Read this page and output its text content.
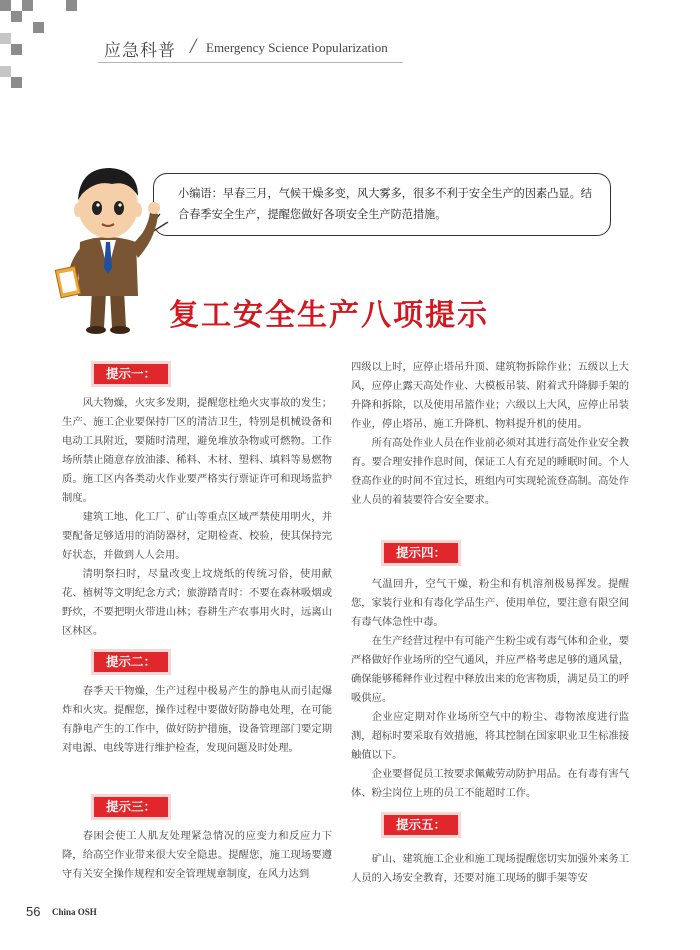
应急科普 / Emergency Science Popularization
小编语：早春三月，气候干燥多变，风大雾多，很多不利于安全生产的因素凸显。结合春季安全生产，提醒您做好各项安全生产防范措施。
复工安全生产八项提示
提示一：

风大物燥，火灾多发期，提醒您杜绝火灾事故的发生；生产、施工企业要保持厂区的清洁卫生，特别是机械设备和电动工具附近，要随时清理，避免堆放杂物或可燃物。工作场所禁止随意存放油漆、稀料、木材、塑料、填料等易燃物质。施工区内各类动火作业要严格实行票证许可和现场监护制度。

建筑工地、化工厂、矿山等重点区域严禁使用明火，并要配备足够适用的消防器材，定期检查、校验，使其保持完好状态，并做到人人会用。

清明祭扫时，尽量改变上坟烧纸的传统习俗，使用献花、植树等文明纪念方式；旅游踏青时：不要在森林吸烟或野炊，不要把明火带进山林；春耕生产农事用火时，远离山区林区。

提示二：

春季天干物燥，生产过程中极易产生的静电从而引起爆炸和火灾。提醒您，操作过程中要做好防静电处理，在可能有静电产生的工作中，做好防护措施，设备管理部门要定期对电源、电线等进行维护检查，发现问题及时处理。

提示三：

春困会使工人肌友处理紧急情况的应变力和反应力下降，给高空作业带来很大安全隐患。提醒您，施工现场要遵守有关安全操作规程和安全管理规章制度，在风力达到

四级以上时，应停止塔吊升顶、建筑物拆除作业；五级以上大风，应停止露天高处作业、大模板吊装、附着式升降脚手架的升降和拆除，以及使用吊篮作业；六级以上大风，应停止吊装作业，停止塔吊、施工升降机、物料提升机的使用。

所有高处作业人员在作业前必须对其进行高处作业安全教育。要合理安排作息时间，保证工人有充足的睡眠时间。个人登高作业的时间不宜过长，班组内可实现轮流登高制。高处作业人员的着装要符合安全要求。

提示四：

气温回升，空气干燥，粉尘和有机溶剂极易挥发。提醒您，家装行业和有毒化学品生产、使用单位，要注意有限空间有毒气体急性中毒。

在生产经营过程中有可能产生粉尘或有毒气体和企业，要严格做好作业场所的空气通风，并应严格考虑足够的通风量，确保能够稀释作业过程中释放出来的危害物质，满足员工的呼吸供应。

企业应定期对作业场所空气中的粉尘、毒物浓度进行监测，超标时要采取有效措施，将其控制在国家职业卫生标准接触值以下。

企业要督促员工按要求佩戴劳动防护用品。在有毒有害气体、粉尘岗位上班的员工不能超时工作。

提示五：

矿山、建筑施工企业和施工现场提醒您切实加强外来务工人员的入场安全教育，还要对施工现场的脚手架等安

56 China OSH
